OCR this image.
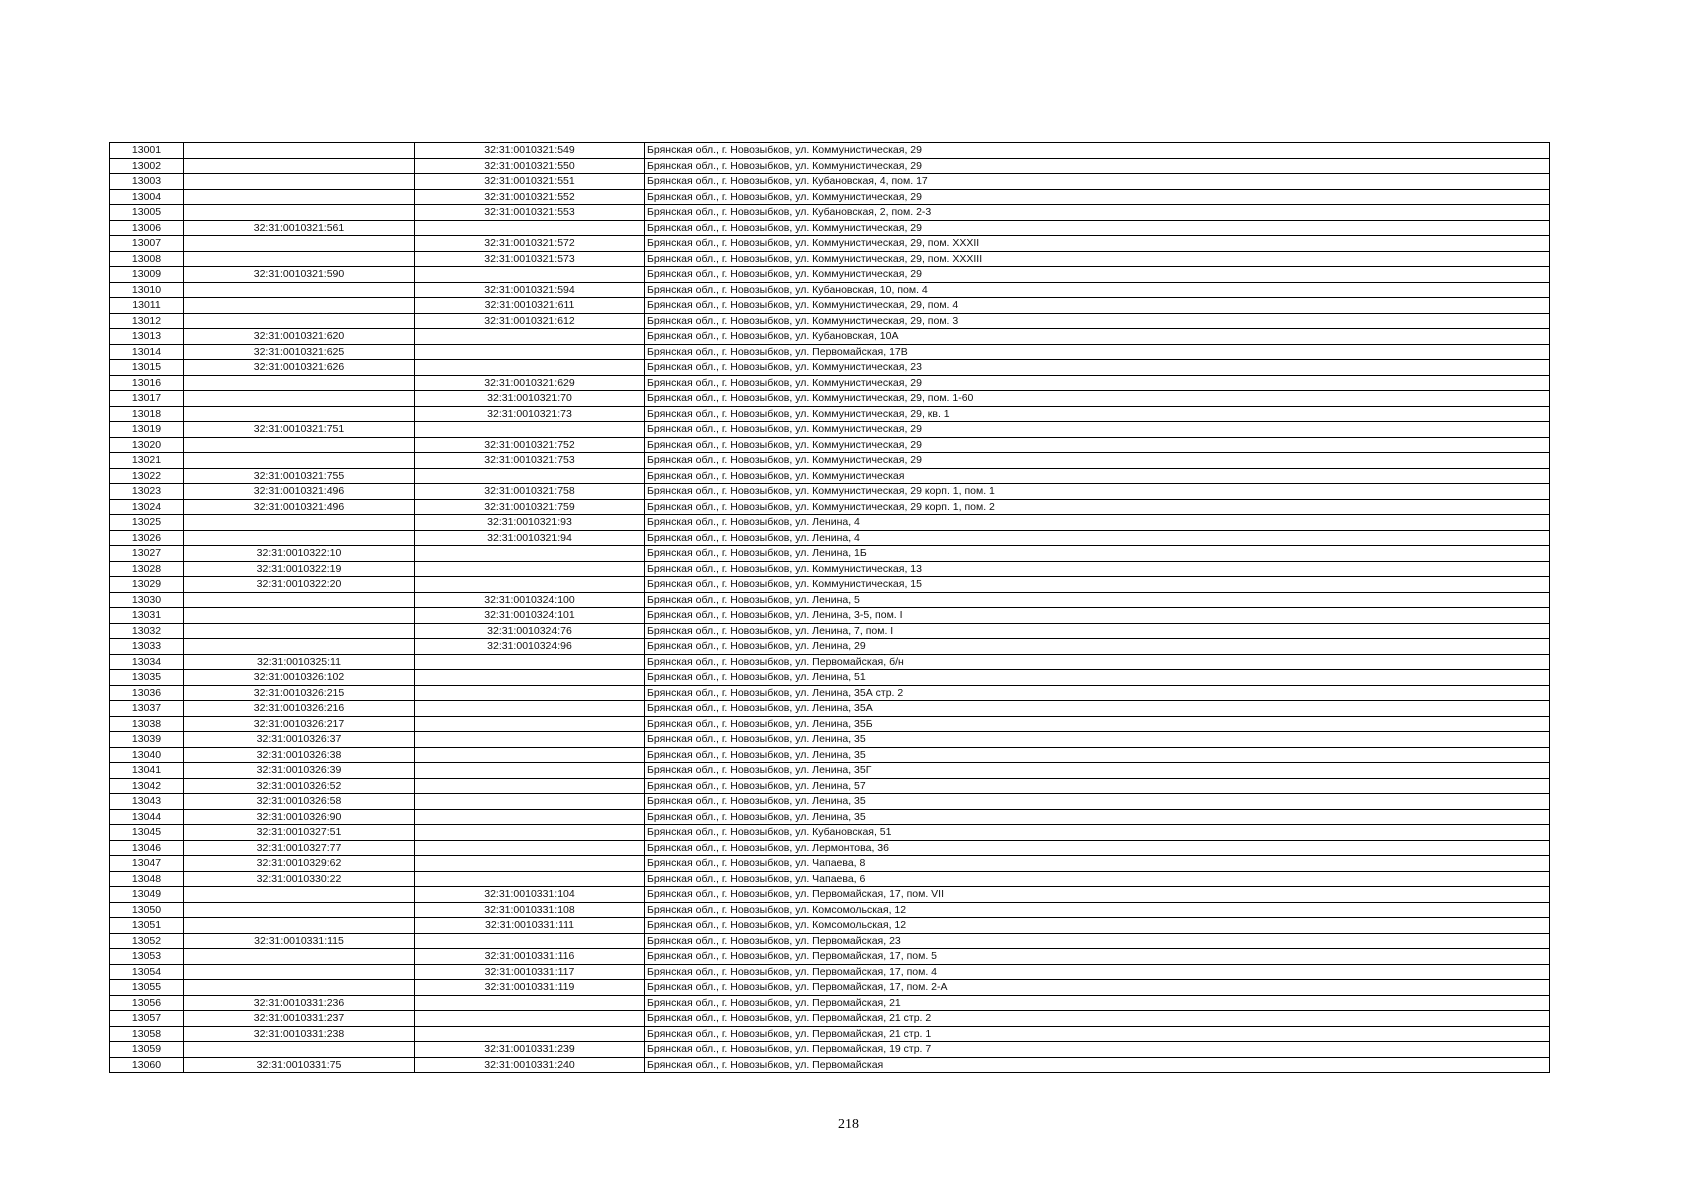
13001		32:31:0010321:549	Брянская обл., г. Новозыбков, ул. Коммунистическая, 29
13002		32:31:0010321:550	Брянская обл., г. Новозыбков, ул. Коммунистическая, 29
13003		32:31:0010321:551	Брянская обл., г. Новозыбков, ул. Кубановская, 4, пом. 17
13004		32:31:0010321:552	Брянская обл., г. Новозыбков, ул. Коммунистическая, 29
13005		32:31:0010321:553	Брянская обл., г. Новозыбков, ул. Кубановская, 2, пом. 2-3
13006	32:31:0010321:561		Брянская обл., г. Новозыбков, ул. Коммунистическая, 29
13007		32:31:0010321:572	Брянская обл., г. Новозыбков, ул. Коммунистическая, 29, пом. XXXII
13008		32:31:0010321:573	Брянская обл., г. Новозыбков, ул. Коммунистическая, 29, пом. XXXIII
13009	32:31:0010321:590		Брянская обл., г. Новозыбков, ул. Коммунистическая, 29
13010		32:31:0010321:594	Брянская обл., г. Новозыбков, ул. Кубановская, 10, пом. 4
13011		32:31:0010321:611	Брянская обл., г. Новозыбков, ул. Коммунистическая, 29, пом. 4
13012		32:31:0010321:612	Брянская обл., г. Новозыбков, ул. Коммунистическая, 29, пом. 3
13013	32:31:0010321:620		Брянская обл., г. Новозыбков, ул. Кубановская, 10А
13014	32:31:0010321:625		Брянская обл., г. Новозыбков, ул. Первомайская, 17В
13015	32:31:0010321:626		Брянская обл., г. Новозыбков, ул. Коммунистическая, 23
13016		32:31:0010321:629	Брянская обл., г. Новозыбков, ул. Коммунистическая, 29
13017		32:31:0010321:70	Брянская обл., г. Новозыбков, ул. Коммунистическая, 29, пом. 1-60
13018		32:31:0010321:73	Брянская обл., г. Новозыбков, ул. Коммунистическая, 29, кв. 1
13019	32:31:0010321:751		Брянская обл., г. Новозыбков, ул. Коммунистическая, 29
13020		32:31:0010321:752	Брянская обл., г. Новозыбков, ул. Коммунистическая, 29
13021		32:31:0010321:753	Брянская обл., г. Новозыбков, ул. Коммунистическая, 29
13022	32:31:0010321:755		Брянская обл., г. Новозыбков, ул. Коммунистическая
13023	32:31:0010321:496	32:31:0010321:758	Брянская обл., г. Новозыбков, ул. Коммунистическая, 29 корп. 1, пом. 1
13024	32:31:0010321:496	32:31:0010321:759	Брянская обл., г. Новозыбков, ул. Коммунистическая, 29 корп. 1, пом. 2
13025		32:31:0010321:93	Брянская обл., г. Новозыбков, ул. Ленина, 4
13026		32:31:0010321:94	Брянская обл., г. Новозыбков, ул. Ленина, 4
13027	32:31:0010322:10		Брянская обл., г. Новозыбков, ул. Ленина, 1Б
13028	32:31:0010322:19		Брянская обл., г. Новозыбков, ул. Коммунистическая, 13
13029	32:31:0010322:20		Брянская обл., г. Новозыбков, ул. Коммунистическая, 15
13030		32:31:0010324:100	Брянская обл., г. Новозыбков, ул. Ленина, 5
13031		32:31:0010324:101	Брянская обл., г. Новозыбков, ул. Ленина, 3-5, пом. I
13032		32:31:0010324:76	Брянская обл., г. Новозыбков, ул. Ленина, 7, пом. I
13033		32:31:0010324:96	Брянская обл., г. Новозыбков, ул. Ленина, 29
13034	32:31:0010325:11		Брянская обл., г. Новозыбков, ул. Первомайская, б/н
13035	32:31:0010326:102		Брянская обл., г. Новозыбков, ул. Ленина, 51
13036	32:31:0010326:215		Брянская обл., г. Новозыбков, ул. Ленина, 35А стр. 2
13037	32:31:0010326:216		Брянская обл., г. Новозыбков, ул. Ленина, 35А
13038	32:31:0010326:217		Брянская обл., г. Новозыбков, ул. Ленина, 35Б
13039	32:31:0010326:37		Брянская обл., г. Новозыбков, ул. Ленина, 35
13040	32:31:0010326:38		Брянская обл., г. Новозыбков, ул. Ленина, 35
13041	32:31:0010326:39		Брянская обл., г. Новозыбков, ул. Ленина, 35Г
13042	32:31:0010326:52		Брянская обл., г. Новозыбков, ул. Ленина, 57
13043	32:31:0010326:58		Брянская обл., г. Новозыбков, ул. Ленина, 35
13044	32:31:0010326:90		Брянская обл., г. Новозыбков, ул. Ленина, 35
13045	32:31:0010327:51		Брянская обл., г. Новозыбков, ул. Кубановская, 51
13046	32:31:0010327:77		Брянская обл., г. Новозыбков, ул. Лермонтова, 36
13047	32:31:0010329:62		Брянская обл., г. Новозыбков, ул. Чапаева, 8
13048	32:31:0010330:22		Брянская обл., г. Новозыбков, ул. Чапаева, 6
13049		32:31:0010331:104	Брянская обл., г. Новозыбков, ул. Первомайская, 17, пом. VII
13050		32:31:0010331:108	Брянская обл., г. Новозыбков, ул. Комсомольская, 12
13051		32:31:0010331:111	Брянская обл., г. Новозыбков, ул. Комсомольская, 12
13052	32:31:0010331:115		Брянская обл., г. Новозыбков, ул. Первомайская, 23
13053		32:31:0010331:116	Брянская обл., г. Новозыбков, ул. Первомайская, 17, пом. 5
13054		32:31:0010331:117	Брянская обл., г. Новозыбков, ул. Первомайская, 17, пом. 4
13055		32:31:0010331:119	Брянская обл., г. Новозыбков, ул. Первомайская, 17, пом. 2-А
13056	32:31:0010331:236		Брянская обл., г. Новозыбков, ул. Первомайская, 21
13057	32:31:0010331:237		Брянская обл., г. Новозыбков, ул. Первомайская, 21 стр. 2
13058	32:31:0010331:238		Брянская обл., г. Новозыбков, ул. Первомайская, 21 стр. 1
13059		32:31:0010331:239	Брянская обл., г. Новозыбков, ул. Первомайская, 19 стр. 7
13060	32:31:0010331:75	32:31:0010331:240	Брянская обл., г. Новозыбков, ул. Первомайская
218
